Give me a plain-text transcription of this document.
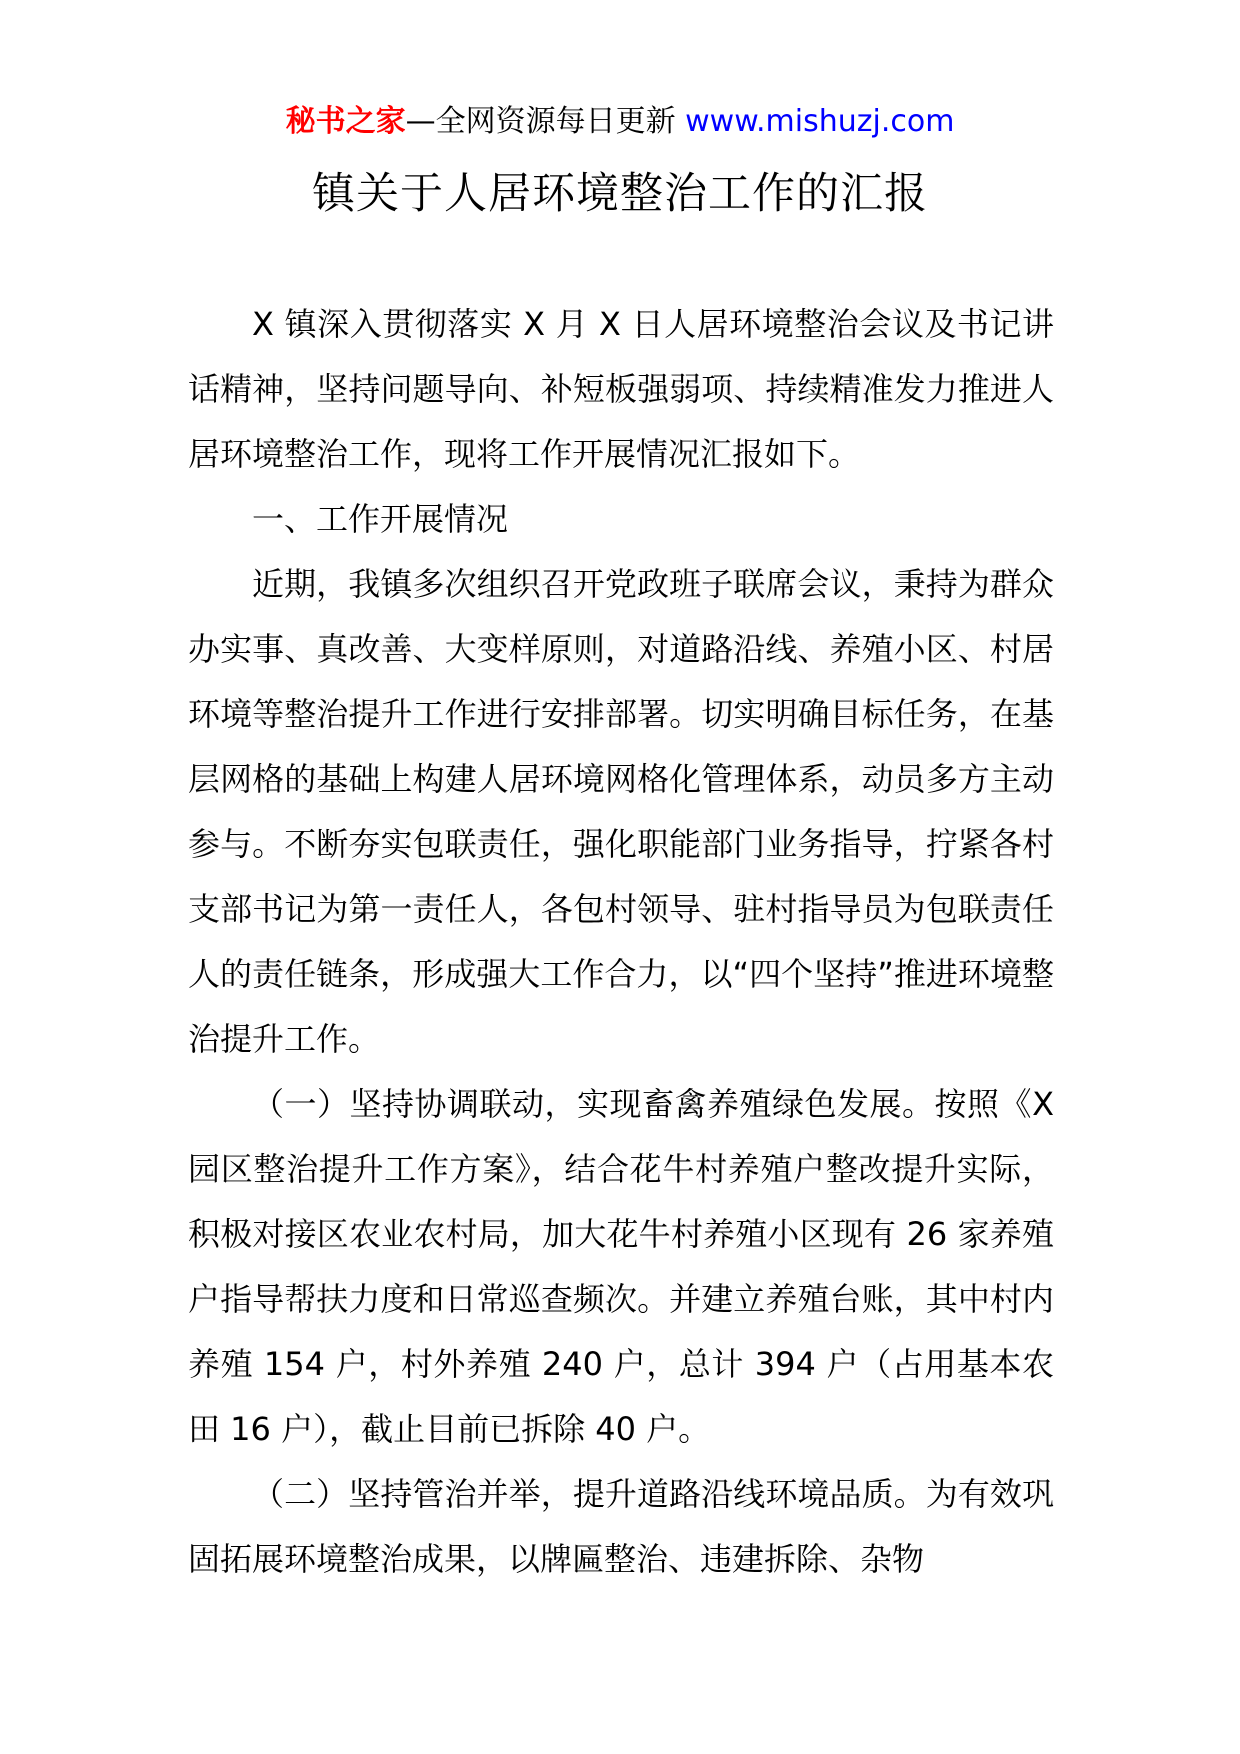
秘书之家—全网资源每日更新 www.mishuzj.com
镇关于人居环境整治工作的汇报

X 镇深入贯彻落实 X 月 X 日人居环境整治会议及书记讲话精神，坚持问题导向、补短板强弱项、持续精准发力推进人居环境整治工作，现将工作开展情况汇报如下。

一、工作开展情况

近期，我镇多次组织召开党政班子联席会议，秉持为群众办实事、真改善、大变样原则，对道路沿线、养殖小区、村居环境等整治提升工作进行安排部署。切实明确目标任务，在基层网格的基础上构建人居环境网格化管理体系，动员多方主动参与。不断夯实包联责任，强化职能部门业务指导，拧紧各村支部书记为第一责任人，各包村领导、驻村指导员为包联责任人的责任链条，形成强大工作合力，以“四个坚持”推进环境整治提升工作。

（一）坚持协调联动，实现畜禽养殖绿色发展。按照《X 园区整治提升工作方案》，结合花牛村养殖户整改提升实际，积极对接区农业农村局，加大花牛村养殖小区现有 26 家养殖户指导帮扶力度和日常巡查频次。并建立养殖台账，其中村内养殖 154 户，村外养殖 240 户，总计 394 户（占用基本农田 16 户），截止目前已拆除 40 户。

（二）坚持管治并举，提升道路沿线环境品质。为有效巩固拓展环境整治成果，以牌匾整治、违建拆除、杂物
